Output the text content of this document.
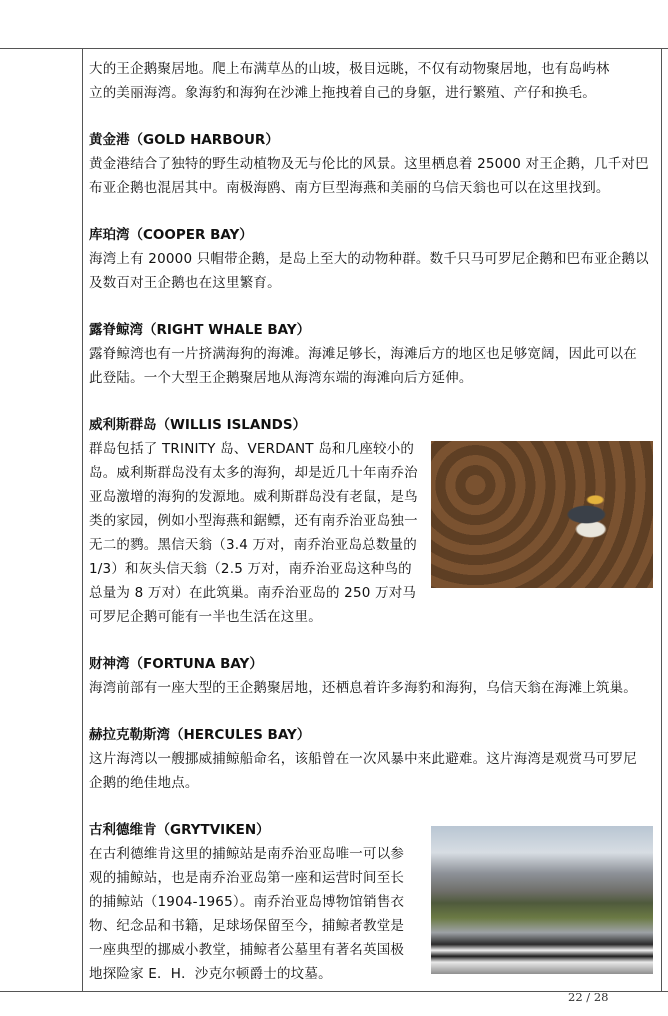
大的王企鹅聚居地。爬上布满草丛的山坡，极目远眺，不仅有动物聚居地，也有岛屿林

立的美丽海湾。象海豹和海狗在沙滩上拖拽着自己的身躯，进行繁殖、产仔和换毛。

黄金港（GOLD HARBOUR）

黄金港结合了独特的野生动植物及无与伦比的风景。这里栖息着 25000 对王企鹅，几千对巴

布亚企鹅也混居其中。南极海鸥、南方巨型海燕和美丽的乌信天翁也可以在这里找到。

库珀湾（COOPER BAY）

海湾上有 20000 只帽带企鹅，是岛上至大的动物种群。数千只马可罗尼企鹅和巴布亚企鹅以

及数百对王企鹅也在这里繁育。

露脊鲸湾（RIGHT WHALE BAY）

露脊鲸湾也有一片挤满海狗的海滩。海滩足够长，海滩后方的地区也足够宽阔，因此可以在

此登陆。一个大型王企鹅聚居地从海湾东端的海滩向后方延伸。

威利斯群岛（WILLIS ISLANDS）

群岛包括了 TRINITY 岛、VERDANT 岛和几座较小的

岛。威利斯群岛没有太多的海狗，却是近几十年南乔治

亚岛激增的海狗的发源地。威利斯群岛没有老鼠，是鸟

类的家园，例如小型海燕和鋸鳔，还有南乔治亚岛独一

无二的鹨。黑信天翁（3.4 万对，南乔治亚岛总数量的

1/3）和灰头信天翁（2.5 万对，南乔治亚岛这种鸟的

总量为 8 万对）在此筑巢。南乔治亚岛的 250 万对马

可罗尼企鹅可能有一半也生活在这里。

财神湾（FORTUNA BAY）

海湾前部有一座大型的王企鹅聚居地，还栖息着许多海豹和海狗，乌信天翁在海滩上筑巢。

赫拉克勒斯湾（HERCULES BAY）

这片海湾以一艘挪威捕鲸船命名，该船曾在一次风暴中来此避难。这片海湾是观赏马可罗尼

企鹅的绝佳地点。

古利德维肯（GRYTVIKEN）

在古利德维肯这里的捕鲸站是南乔治亚岛唯一可以参

观的捕鲸站，也是南乔治亚岛第一座和运营时间至长

的捕鲸站（1904-1965）。南乔治亚岛博物馆销售衣

物、纪念品和书籍，足球场保留至今，捕鲸者教堂是

一座典型的挪威小教堂，捕鲸者公墓里有著名英国极

地探险家 E．H．沙克尔顿爵士的坟墓。

22 / 28
